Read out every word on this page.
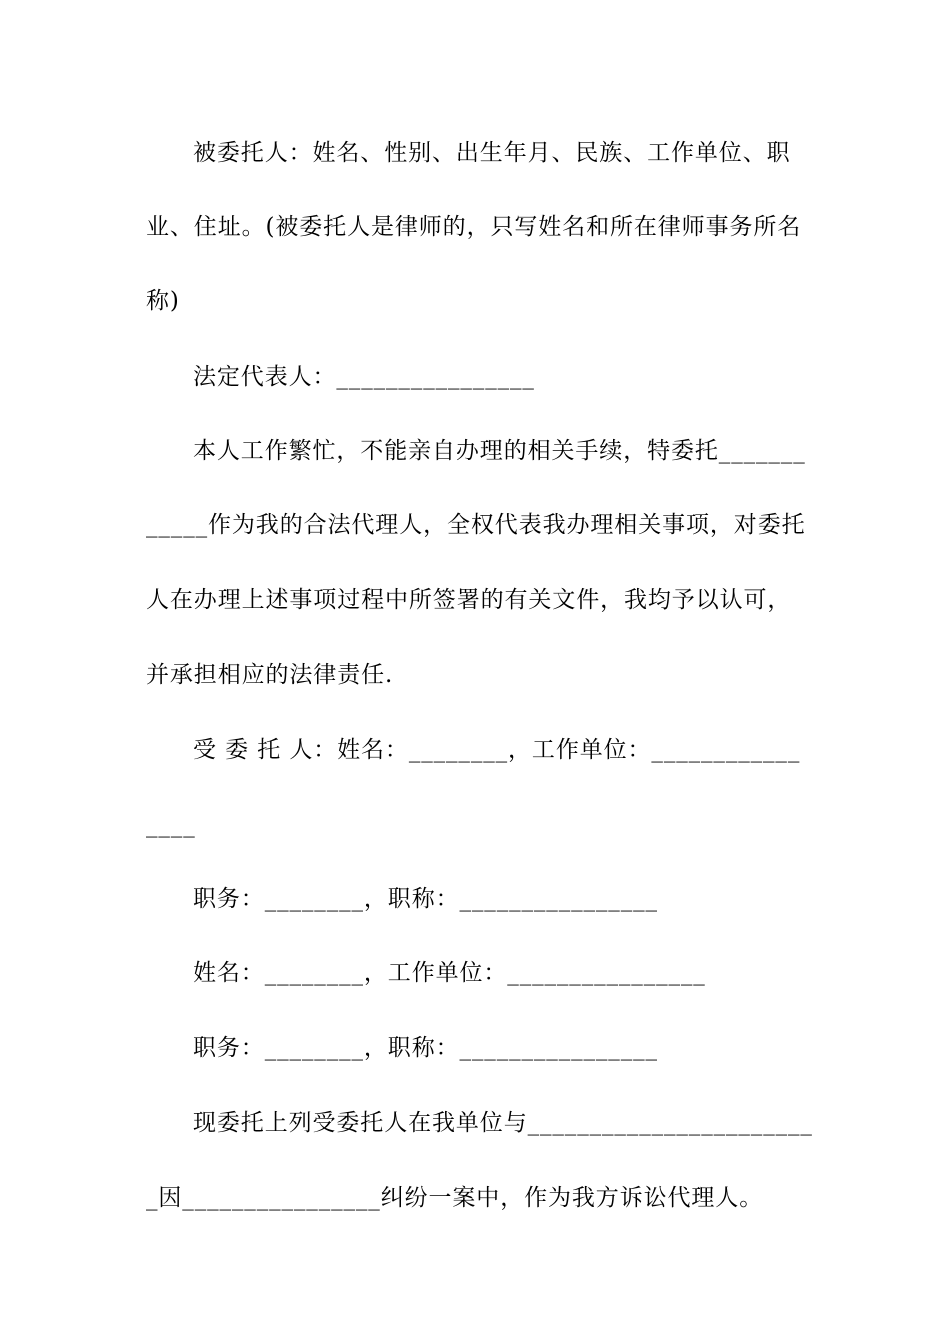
被委托人：姓名、性别、出生年月、民族、工作单位、职
业、住址。(被委托人是律师的，只写姓名和所在律师事务所名
称)
法定代表人：________________
本人工作繁忙，不能亲自办理的相关手续，特委托_______
_____作为我的合法代理人，全权代表我办理相关事项，对委托
人在办理上述事项过程中所签署的有关文件，我均予以认可，
并承担相应的法律责任.
受 委 托 人：姓名：________，工作单位：____________
____
职务：________，职称：________________
姓名：________，工作单位：________________
职务：________，职称：________________
现委托上列受委托人在我单位与_______________________
_因________________纠纷一案中，作为我方诉讼代理人。
